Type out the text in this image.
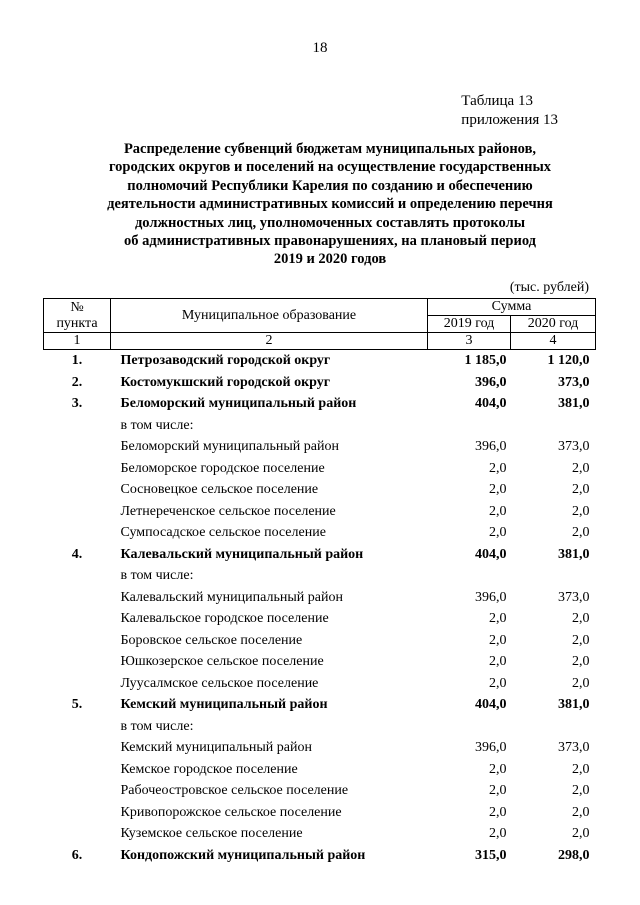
18
Таблица 13
приложения 13
Распределение субвенций бюджетам муниципальных районов,
городских округов и поселений на осуществление государственных
полномочий Республики Карелия по созданию и обеспечению
деятельности административных комиссий и определению перечня
должностных лиц, уполномоченных составлять протоколы
об административных правонарушениях, на плановый период
2019 и 2020 годов
(тыс. рублей)
№
пункта	Муниципальное образование	Сумма	
		2019 год	2020 год
1	2	3	4
1.	Петрозаводский городской округ	1 185,0	1 120,0
2.	Костомукшский городской округ	396,0	373,0
3.	Беломорский муниципальный район	404,0	381,0
	в том числе:		
	Беломорский муниципальный район	396,0	373,0
	Беломорское городское поселение	2,0	2,0
	Сосновецкое сельское поселение	2,0	2,0
	Летнереченское сельское поселение	2,0	2,0
	Сумпосадское сельское поселение	2,0	2,0
4.	Калевальский муниципальный район	404,0	381,0
	в том числе:		
	Калевальский муниципальный район	396,0	373,0
	Калевальское городское поселение	2,0	2,0
	Боровское сельское поселение	2,0	2,0
	Юшкозерское сельское поселение	2,0	2,0
	Луусалмское сельское поселение	2,0	2,0
5.	Кемский муниципальный район	404,0	381,0
	в том числе:		
	Кемский муниципальный район	396,0	373,0
	Кемское городское поселение	2,0	2,0
	Рабочеостровское сельское поселение	2,0	2,0
	Кривопорожское сельское поселение	2,0	2,0
	Куземское сельское поселение	2,0	2,0
6.	Кондопожский муниципальный район	315,0	298,0
